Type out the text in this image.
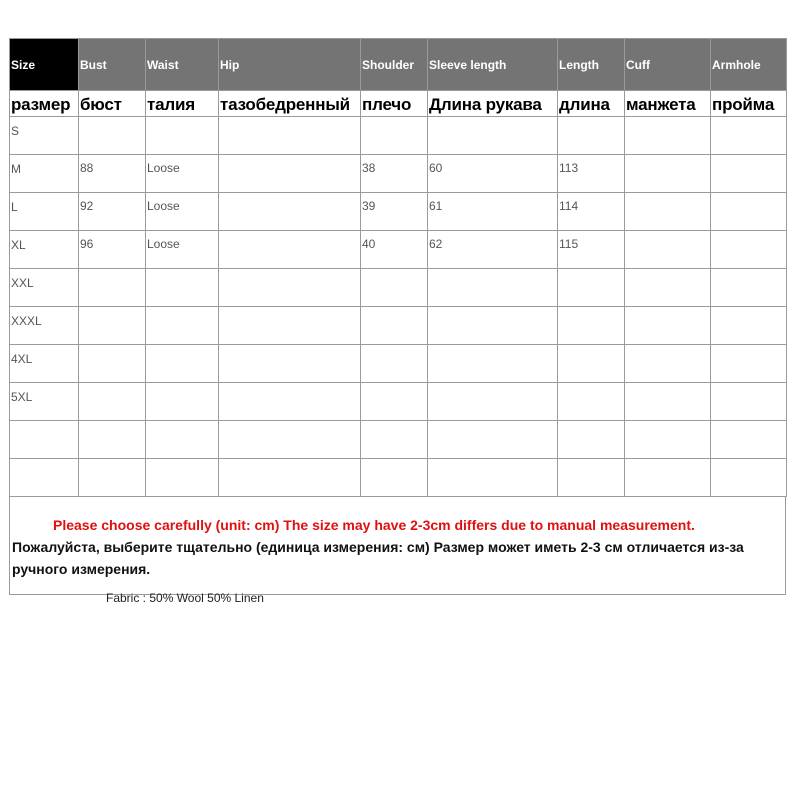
Size	Bust	Waist	Hip	Shoulder	Sleeve length	Length	Cuff	Armhole
размер	бюст	талия	тазобедренный	плечо	Длина рукава	длина	манжета	пройма
S								
M	88	Loose		38	60	113		
L	92	Loose		39	61	114		
XL	96	Loose		40	62	115		
XXL								
XXXL								
4XL								
5XL								

Please choose carefully (unit: cm) The size may have 2-3cm differs due to manual measurement.
Пожалуйста, выберите тщательно (единица измерения: см) Размер может иметь 2-3 см отличается из-за ручного измерения.
Fabric : 50% Wool 50% Linen
